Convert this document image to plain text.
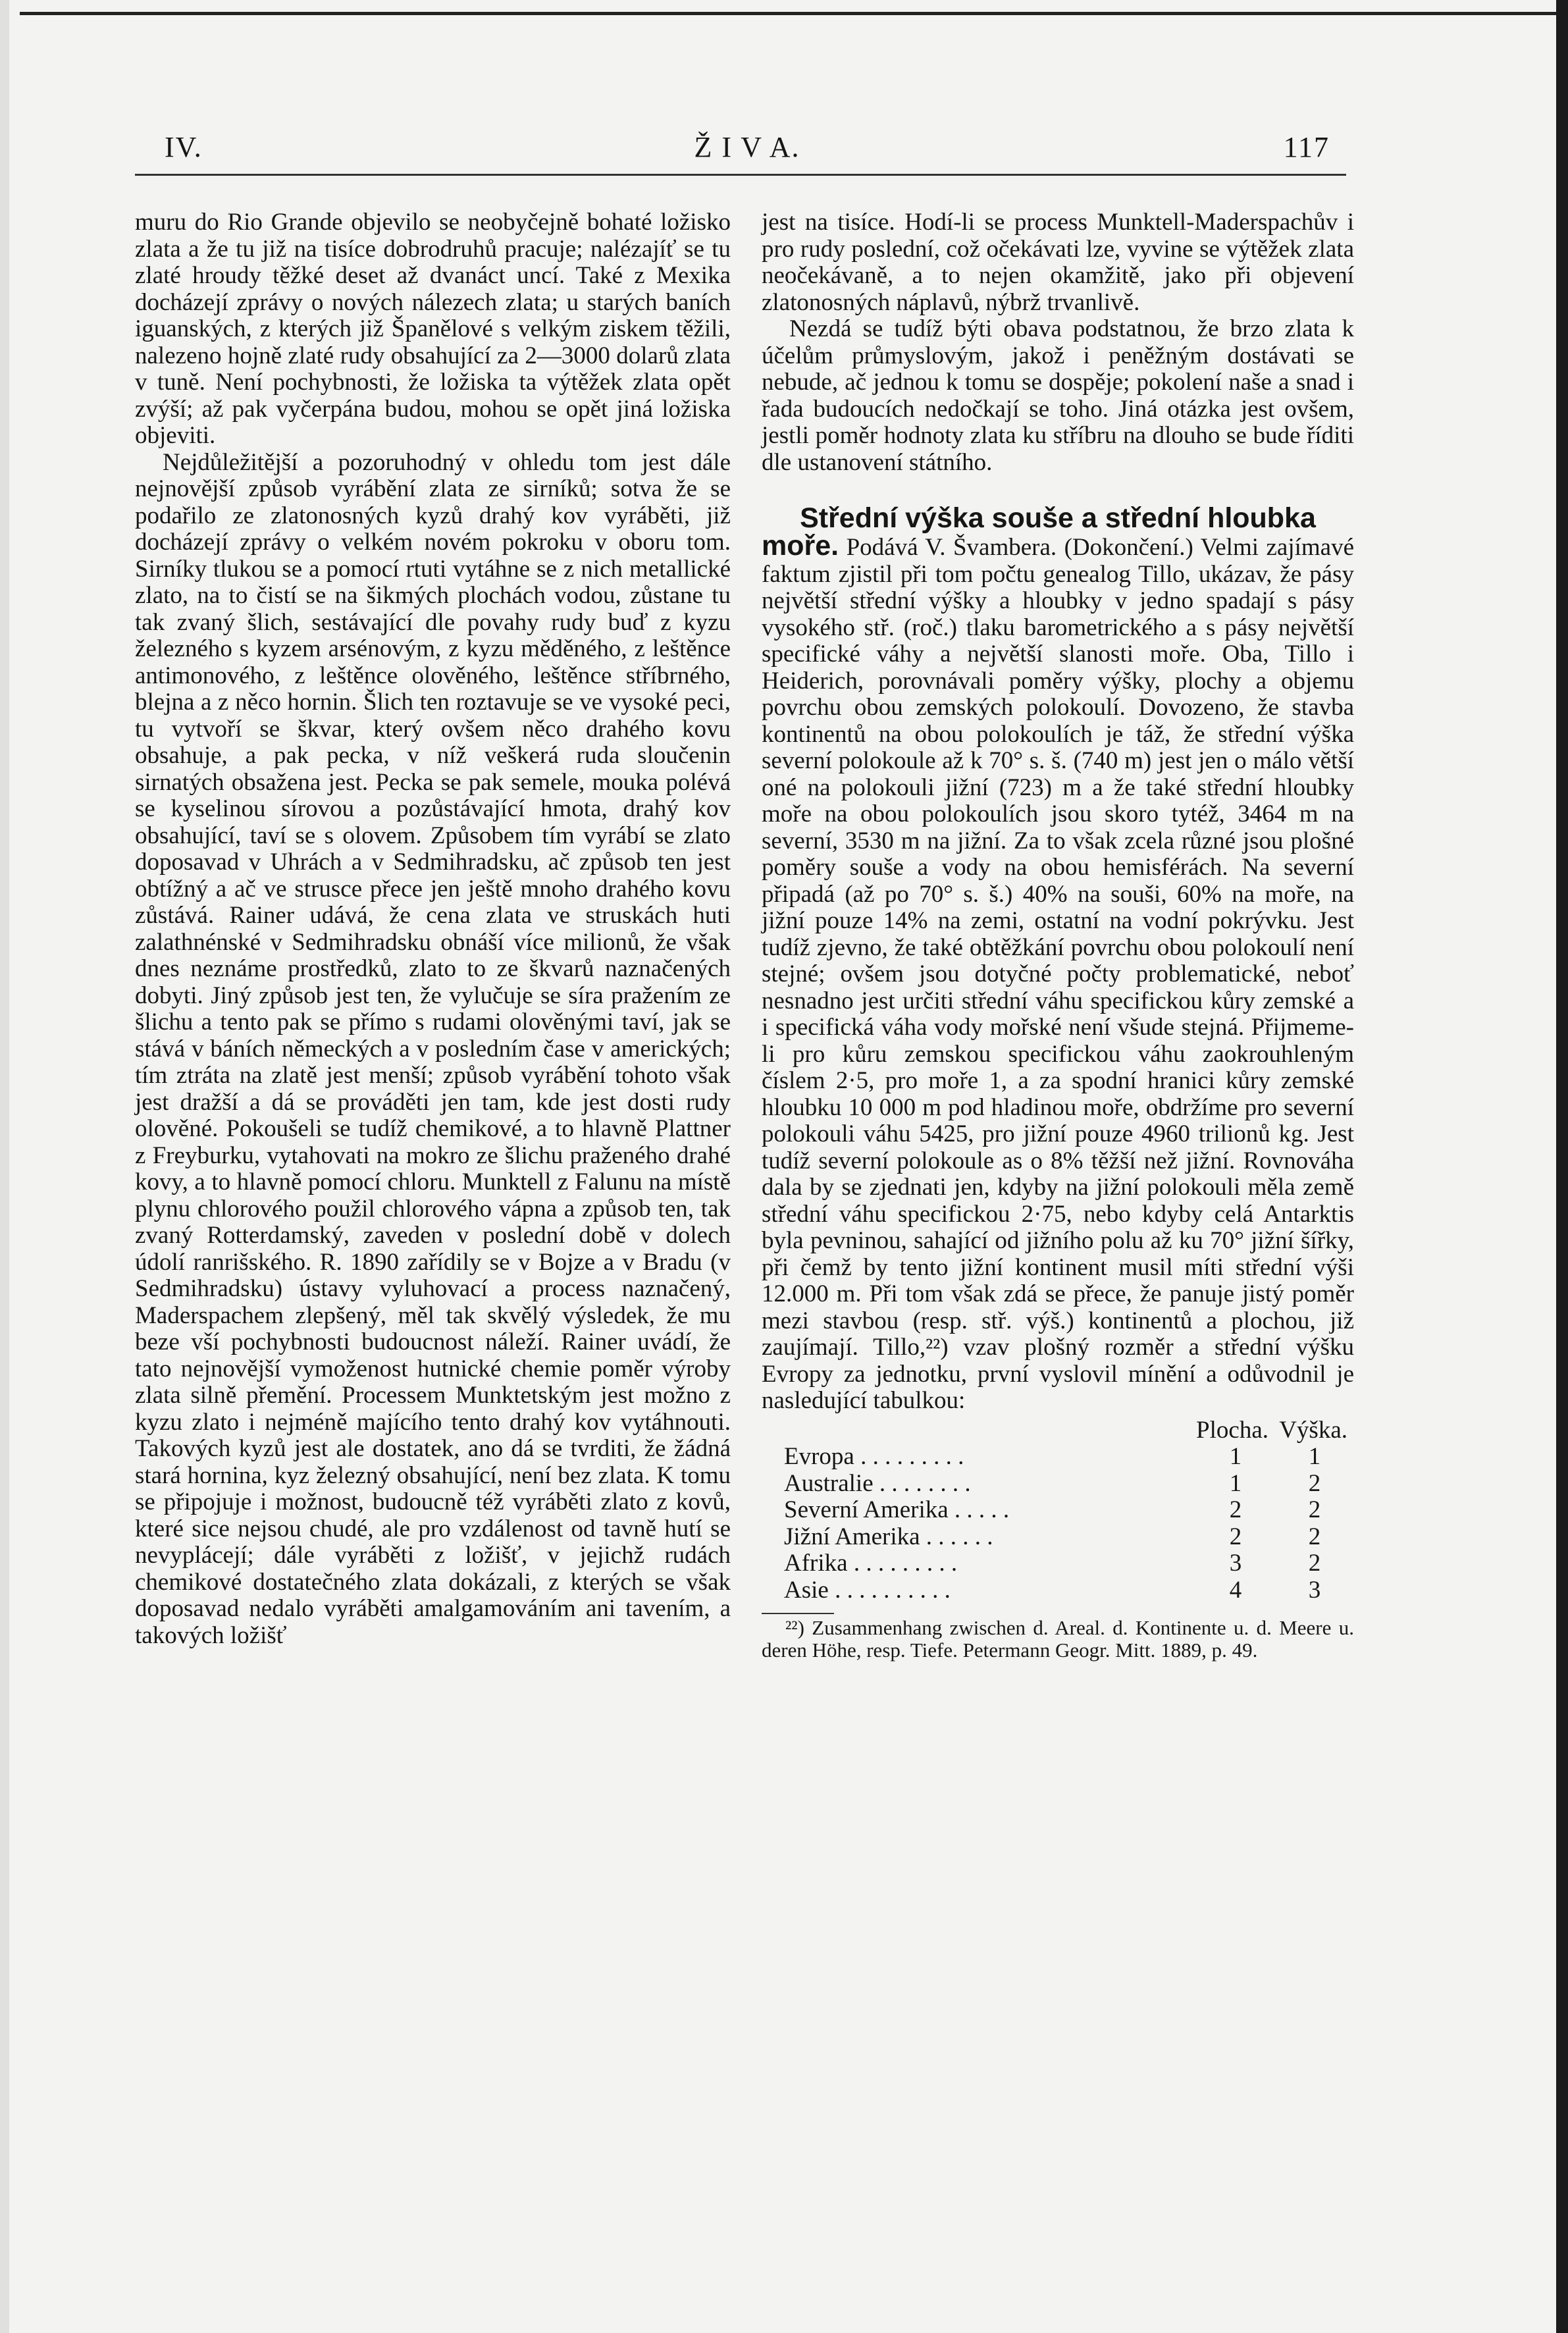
IV.	Ž I V A.	117

muru do Rio Grande objevilo se neobyčejně bohaté ložisko zlata a že tu již na tisíce dobrodruhů pracuje; nalézajíť se tu zlaté hroudy těžké deset až dvanáct uncí. Také z Mexika docházejí zprávy o nových nálezech zlata; u starých baních iguanských, z kterých již Španělové s velkým ziskem těžili, nalezeno hojně zlaté rudy obsahující za 2—3000 dolarů zlata v tuně. Není pochybnosti, že ložiska ta výtěžek zlata opět zvýší; až pak vyčerpána budou, mohou se opět jiná ložiska objeviti.

Nejdůležitější a pozoruhodný v ohledu tom jest dále nejnovější způsob vyrábění zlata ze sirníků; sotva že se podařilo ze zlatonosných kyzů drahý kov vyráběti, již docházejí zprávy o velkém novém pokroku v oboru tom. Sirníky tlukou se a pomocí rtuti vytáhne se z nich metallické zlato, na to čistí se na šikmých plochách vodou, zůstane tu tak zvaný šlich, sestávající dle povahy rudy buď z kyzu železného s kyzem arsénovým, z kyzu měděného, z leštěnce antimonového, z leštěnce olověného, leštěnce stříbrného, blejna a z něco hornin. Šlich ten roztavuje se ve vysoké peci, tu vytvoří se škvar, který ovšem něco drahého kovu obsahuje, a pak pecka, v níž veškerá ruda sloučenin sirnatých obsažena jest. Pecka se pak semele, mouka polévá se kyselinou sírovou a pozůstávající hmota, drahý kov obsahující, taví se s olovem. Způsobem tím vyrábí se zlato doposavad v Uhrách a v Sedmihradsku, ač způsob ten jest obtížný a ač ve strusce přece jen ještě mnoho drahého kovu zůstává. Rainer udává, že cena zlata ve struskách huti zalathnénské v Sedmihradsku obnáší více milionů, že však dnes neznáme prostředků, zlato to ze škvarů naznačených dobyti. Jiný způsob jest ten, že vylučuje se síra pražením ze šlichu a tento pak se přímo s rudami olověnými taví, jak se stává v báních německých a v posledním čase v amerických; tím ztráta na zlatě jest menší; způsob vyrábění tohoto však jest dražší a dá se prováděti jen tam, kde jest dosti rudy olověné. Pokoušeli se tudíž chemikové, a to hlavně Plattner z Freyburku, vytahovati na mokro ze šlichu praženého drahé kovy, a to hlavně pomocí chloru. Munktell z Falunu na místě plynu chlorového použil chlorového vápna a způsob ten, tak zvaný Rotterdamský, zaveden v poslední době v dolech údolí ranrišského. R. 1890 zařídily se v Bojze a v Bradu (v Sedmihradsku) ústavy vyluhovací a process naznačený, Maderspachem zlepšený, měl tak skvělý výsledek, že mu beze vší pochybnosti budoucnost náleží. Rainer uvádí, že tato nejnovější vymoženost hutnické chemie poměr výroby zlata silně přemění. Processem Munktetským jest možno z kyzu zlato i nejméně majícího tento drahý kov vytáhnouti. Takových kyzů jest ale dostatek, ano dá se tvrditi, že žádná stará hornina, kyz železný obsahující, není bez zlata. K tomu se připojuje i možnost, budoucně též vyráběti zlato z kovů, které sice nejsou chudé, ale pro vzdálenost od tavně hutí se nevyplácejí; dále vyráběti z ložišť, v jejichž rudách chemikové dostatečného zlata dokázali, z kterých se však doposavad nedalo vyráběti amalgamováním ani tavením, a takových ložišť

jest na tisíce. Hodí-li se process Munktell-Maderspachův i pro rudy poslední, což očekávati lze, vyvine se výtěžek zlata neočekávaně, a to nejen okamžitě, jako při objevení zlatonosných náplavů, nýbrž trvanlivě.

Nezdá se tudíž býti obava podstatnou, že brzo zlata k účelům průmyslovým, jakož i peněžným dostávati se nebude, ač jednou k tomu se dospěje; pokolení naše a snad i řada budoucích nedočkají se toho. Jiná otázka jest ovšem, jestli poměr hodnoty zlata ku stříbru na dlouho se bude říditi dle ustanovení státního.

Střední výška souše a střední hloubka

moře. Podává V. Švambera. (Dokončení.) Velmi zajímavé faktum zjistil při tom počtu genealog Tillo, ukázav, že pásy největší střední výšky a hloubky v jedno spadají s pásy vysokého stř. (roč.) tlaku barometrického a s pásy největší specifické váhy a největší slanosti moře. Oba, Tillo i Heiderich, porovnávali poměry výšky, plochy a objemu povrchu obou zemských polokoulí. Dovozeno, že stavba kontinentů na obou polokoulích je táž, že střední výška severní polokoule až k 70° s. š. (740 m) jest jen o málo větší oné na polokouli jižní (723) m a že také střední hloubky moře na obou polokoulích jsou skoro tytéž, 3464 m na severní, 3530 m na jižní. Za to však zcela různé jsou plošné poměry souše a vody na obou hemisférách. Na severní připadá (až po 70° s. š.) 40% na souši, 60% na moře, na jižní pouze 14% na zemi, ostatní na vodní pokrývku. Jest tudíž zjevno, že také obtěžkání povrchu obou polokoulí není stejné; ovšem jsou dotyčné počty problematické, neboť nesnadno jest určiti střední váhu specifickou kůry zemské a i specifická váha vody mořské není všude stejná. Přijmeme-li pro kůru zemskou specifickou váhu zaokrouhleným číslem 2·5, pro moře 1, a za spodní hranici kůry zemské hloubku 10 000 m pod hladinou moře, obdržíme pro severní polokouli váhu 5425, pro jižní pouze 4960 trilionů kg. Jest tudíž severní polokoule as o 8% těžší než jižní. Rovnováha dala by se zjednati jen, kdyby na jižní polokouli měla země střední váhu specifickou 2·75, nebo kdyby celá Antarktis byla pevninou, sahající od jižního polu až ku 70° jižní šířky, při čemž by tento jižní kontinent musil míti střední výši 12.000 m. Při tom však zdá se přece, že panuje jistý poměr mezi stavbou (resp. stř. výš.) kontinentů a plochou, již zaujímají. Tillo,²²) vzav plošný rozměr a střední výšku Evropy za jednotku, první vyslovil mínění a odůvodnil je nasledující tabulkou:

	Plocha.	Výška.
Evropa . . . . . . . . .	1	1
Australie . . . . . . . .	1	2
Severní Amerika . . . . .	2	2
Jižní Amerika . . . . . .	2	2
Afrika . . . . . . . . .	3	2
Asie . . . . . . . . . .	4	3

²²) Zusammenhang zwischen d. Areal. d. Kontinente u. d. Meere u. deren Höhe, resp. Tiefe. Petermann Geogr. Mitt. 1889, p. 49.
